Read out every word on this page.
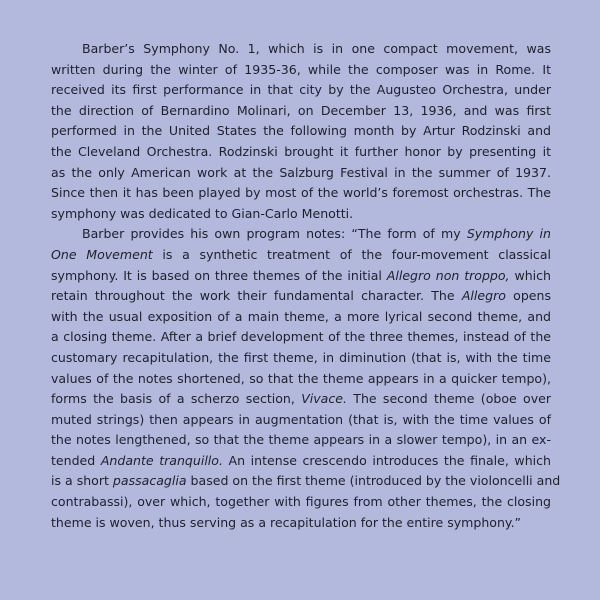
Barber’s Symphony No. 1, which is in one compact movement, was
written during the winter of 1935-36, while the composer was in Rome. It
received its first performance in that city by the Augusteo Orchestra, under
the direction of Bernardino Molinari, on December 13, 1936, and was first
performed in the United States the following month by Artur Rodzinski and
the Cleveland Orchestra. Rodzinski brought it further honor by presenting it
as the only American work at the Salzburg Festival in the summer of 1937.
Since then it has been played by most of the world’s foremost orchestras. The
symphony was dedicated to Gian-Carlo Menotti.
Barber provides his own program notes: “The form of my Symphony in
One Movement is a synthetic treatment of the four-movement classical
symphony. It is based on three themes of the initial Allegro non troppo, which
retain throughout the work their fundamental character. The Allegro opens
with the usual exposition of a main theme, a more lyrical second theme, and
a closing theme. After a brief development of the three themes, instead of the
customary recapitulation, the first theme, in diminution (that is, with the time
values of the notes shortened, so that the theme appears in a quicker tempo),
forms the basis of a scherzo section, Vivace. The second theme (oboe over
muted strings) then appears in augmentation (that is, with the time values of
the notes lengthened, so that the theme appears in a slower tempo), in an ex-
tended Andante tranquillo. An intense crescendo introduces the finale, which
is a short passacaglia based on the first theme (introduced by the violoncelli and
contrabassi), over which, together with figures from other themes, the closing
theme is woven, thus serving as a recapitulation for the entire symphony.”
